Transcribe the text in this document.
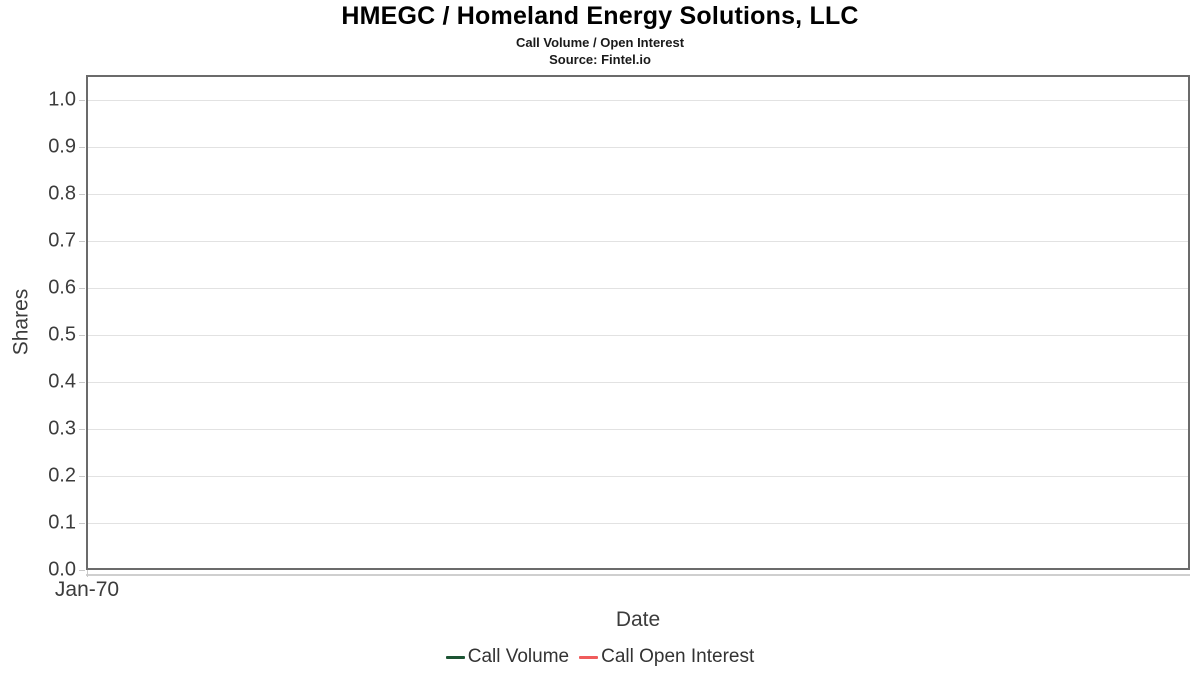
HMEGC / Homeland Energy Solutions, LLC
Call Volume / Open Interest
Source: Fintel.io
1.0
0.9
0.8
0.7
0.6
0.5
0.4
0.3
0.2
0.1
0.0
Jan-70
Shares
Date
Call Volume Call Open Interest
